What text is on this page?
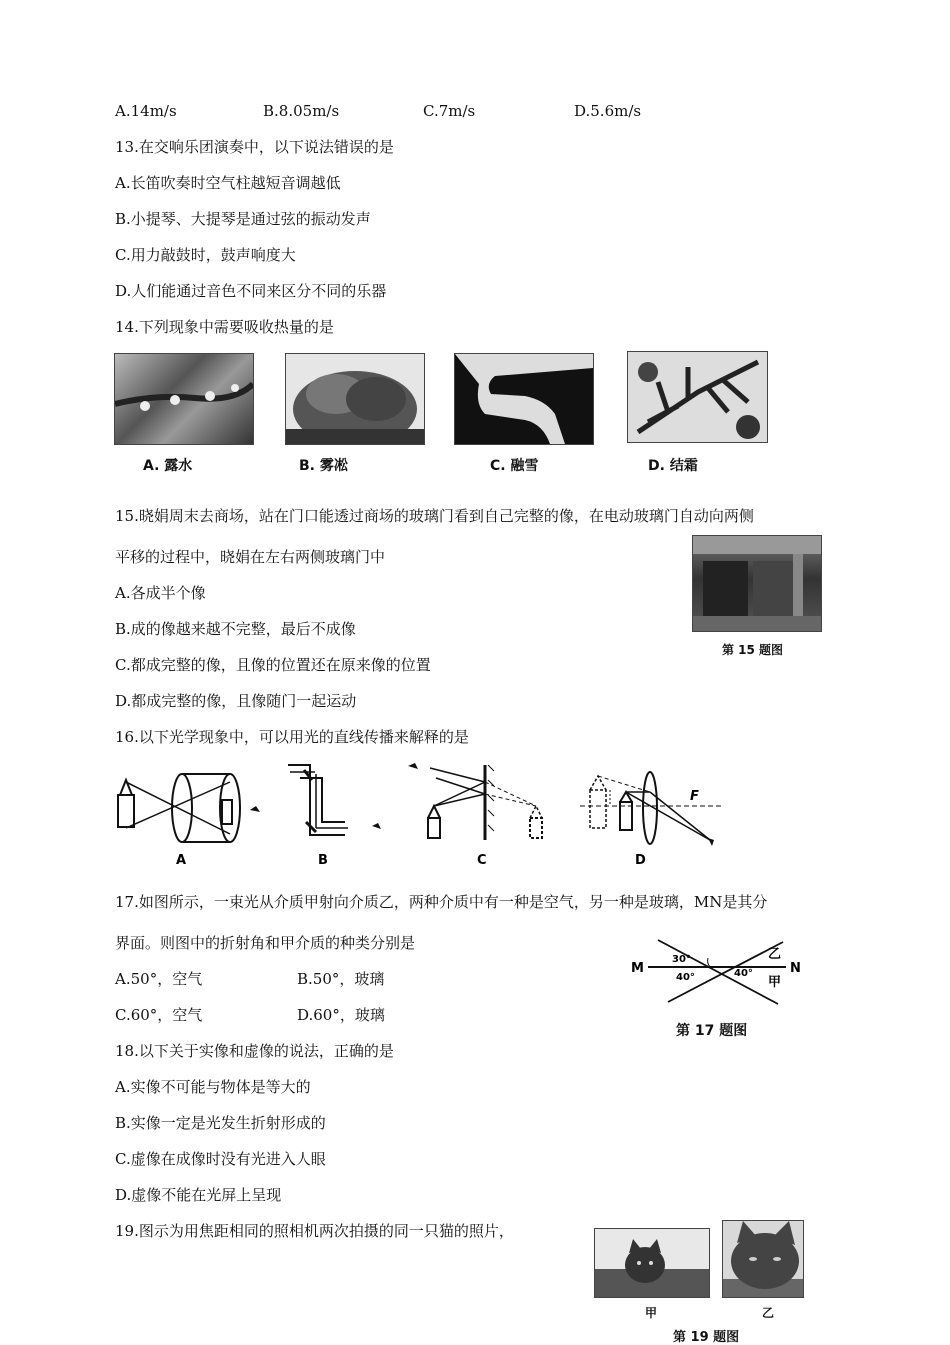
A.14m/s	B.8.05m/s	C.7m/s	D.5.6m/s
13.在交响乐团演奏中，以下说法错误的是
A.长笛吹奏时空气柱越短音调越低
B.小提琴、大提琴是通过弦的振动发声
C.用力敲鼓时，鼓声响度大
D.人们能通过音色不同来区分不同的乐器
14.下列现象中需要吸收热量的是
A. 露水	B. 雾凇	C. 融雪	D. 结霜
15.晓娟周末去商场，站在门口能透过商场的玻璃门看到自己完整的像，在电动玻璃门自动向两侧
平移的过程中，晓娟在左右两侧玻璃门中
A.各成半个像
B.成的像越来越不完整，最后不成像
C.都成完整的像，且像的位置还在原来像的位置
D.都成完整的像，且像随门一起运动
第 15 题图
16.以下光学现象中，可以用光的直线传播来解释的是
F
A	B	C	D
17.如图所示，一束光从介质甲射向介质乙，两种介质中有一种是空气，另一种是玻璃，MN是其分
界面。则图中的折射角和甲介质的种类分别是
A.50°，空气	B.50°，玻璃
C.60°，空气	D.60°，玻璃
M	N
乙
甲
30°
40°	40°
第 17 题图
18.以下关于实像和虚像的说法，正确的是
A.实像不可能与物体是等大的
B.实像一定是光发生折射形成的
C.虚像在成像时没有光进入人眼
D.虚像不能在光屏上呈现
19.图示为用焦距相同的照相机两次拍摄的同一只猫的照片，
甲	乙
第 19 题图
